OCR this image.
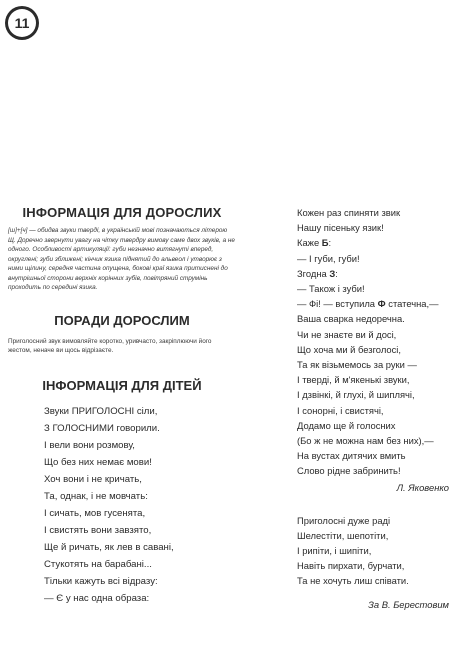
11
ІНФОРМАЦІЯ ДЛЯ ДОРОСЛИХ

[ш]+[ч] — обидва звуки тверді, в українській мові позначаються літерою Щ. Доречно звернути увагу на чітку твердру вимову саме двох звуків, а не одного. Особливості артикуляції: губи незначно витягнуті вперед, округлені; зуби зближені; кінчик язика піднятий до альвеол і утворює з ними щілину, середня частина опущена, бокові краї язика притиснені до внутрішньої сторони верхніх корінних зубів, повітряний струмінь проходить по середині язика.

ПОРАДИ ДОРОСЛИМ

Приголосний звук вимовляйте коротко, уривчасто, закріплюючи його жестом, неначе ви щось відрізаєте.

ІНФОРМАЦІЯ ДЛЯ ДІТЕЙ
Звуки ПРИГОЛОСНІ сіли,
З ГОЛОСНИМИ говорили.
І вели вони розмову,
Що без них немає мови!
Хоч вони і не кричать,
Та, однак, і не мовчать:
І сичать, мов гусенята,
І свистять вони завзято,
Ще й ричать, як лев в савані,
Стукотять на барабані...
Тільки кажуть всі відразу:
— Є у нас одна образа:
Кожен раз спиняти звик
Нашу пісеньку язик!
Каже Б:
— І губи, губи!
Згодна З:
— Також і зуби!
— Фі! — вступила Ф статечна,—
Ваша сварка недоречна.
Чи не знаєте ви й досі,
Що хоча ми й безголосі,
Та як візьмемось за руки —
І тверді, й м'якенькі звуки,
І дзвінкі, й глухі, й шиплячі,
І сонорні, і свистячі,
Додамо ще й голосних
(Бо ж не можна нам без них),—
На вустах дитячих вмить
Слово рідне забринить!
Л. Яковенко
Приголосні дуже раді
Шелестіти, шепотіти,
І рипіти, і шипіти,
Навіть пирхати, бурчати,
Та не хочуть лиш співати.
За В. Берестовим
